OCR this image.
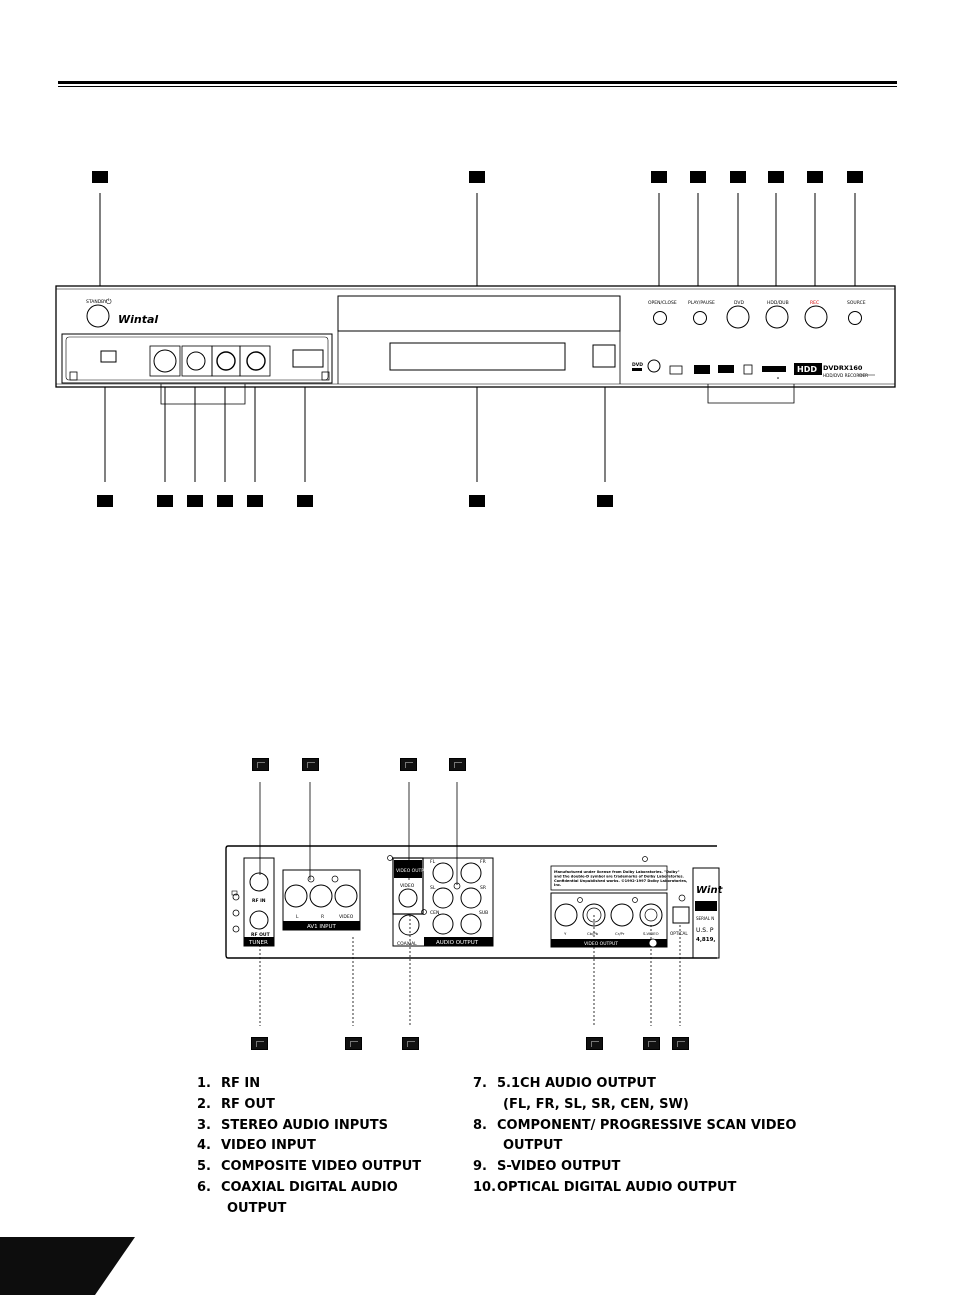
STANDBY ⏻
Wintal
OPEN/CLOSE	PLAY/PAUSE	DVD	HDD/DUB	REC	SOURCE
HDD DVDRX160
HDD/DVD RECORDER
DVD
RF IN
RF OUT
TUNER
L	R	VIDEO
AV1 INPUT
VIDEO OUTPUT
VIDEO
COAXIAL	AUDIO OUTPUT
FL	FR
SL	SR
CEN	SUB
Manufactured under license from Dolby Laboratories. "Dolby" and the double-D symbol are trademarks of Dolby Laboratories. Confidential Unpublished works. ©1992-1997 Dolby Laboratories, Inc.
Y	Cb/Pb	Cr/Pr	S-VIDEO
VIDEO OUTPUT
OPTICAL
Wint
SERIAL N
U.S. P
4,819,
1. RF IN
2. RF OUT
3. STEREO AUDIO INPUTS
4. VIDEO INPUT
5. COMPOSITE VIDEO OUTPUT
6. COAXIAL DIGITAL AUDIO
OUTPUT
7. 5.1CH AUDIO OUTPUT
(FL, FR, SL, SR, CEN, SW)
8. COMPONENT/ PROGRESSIVE SCAN VIDEO
OUTPUT
9. S-VIDEO OUTPUT
10.OPTICAL DIGITAL AUDIO OUTPUT
